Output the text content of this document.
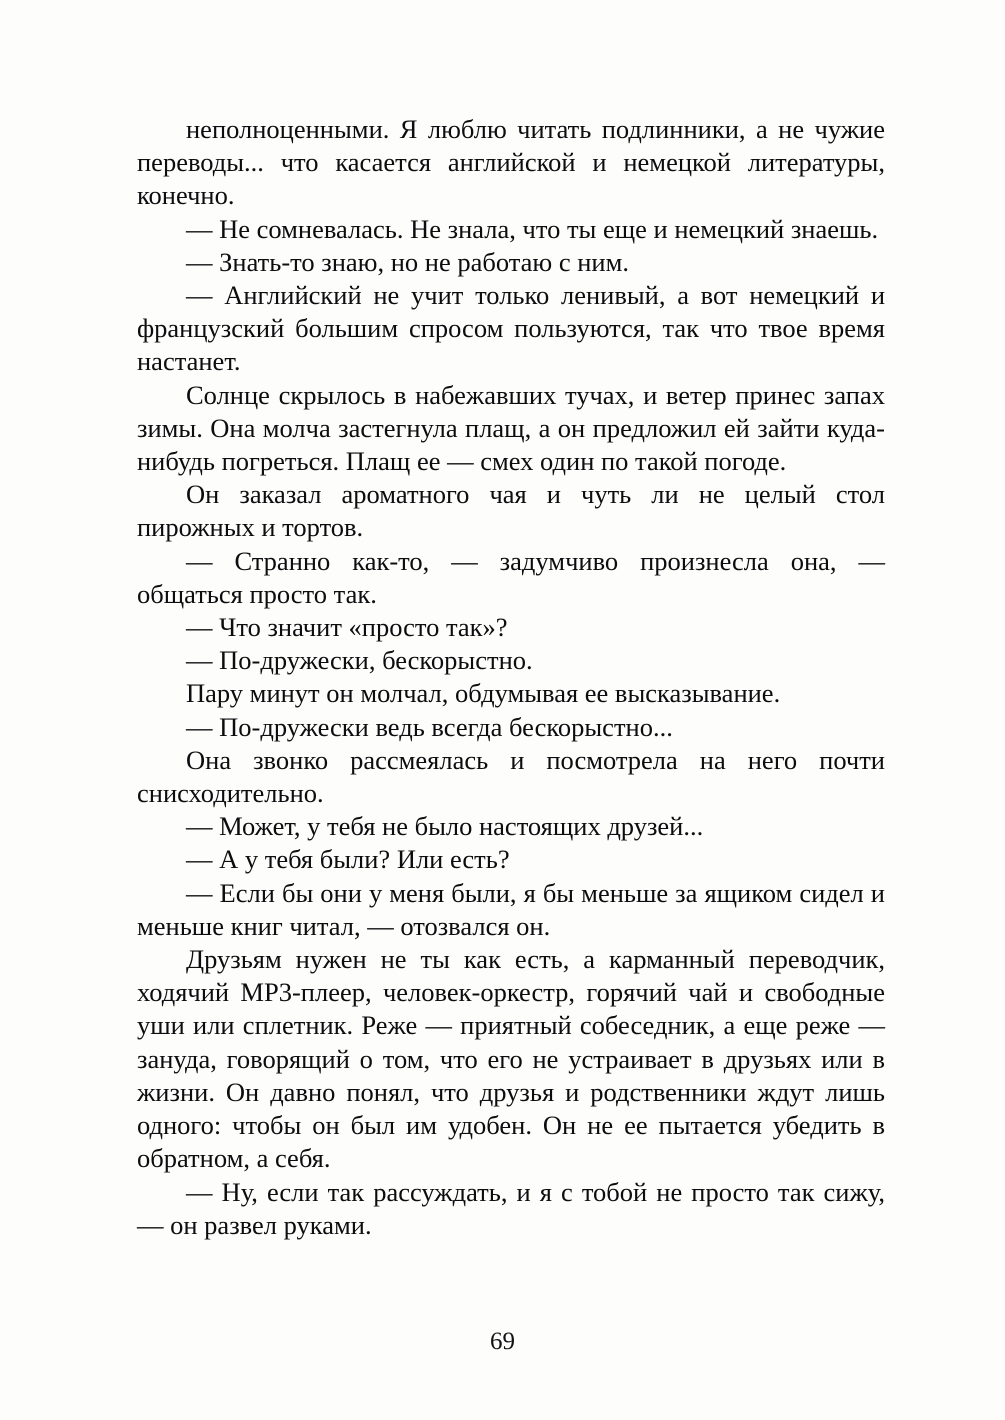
неполноценными. Я люблю читать подлинники, а не чужие переводы... что касается английской и немецкой литературы, конечно.

— Не сомневалась. Не знала, что ты еще и немецкий знаешь.

— Знать-то знаю, но не работаю с ним.

— Английский не учит только ленивый, а вот немецкий и французский большим спросом пользуются, так что твое время настанет.

Солнце скрылось в набежавших тучах, и ветер принес запах зимы. Она молча застегнула плащ, а он предложил ей зайти куда-нибудь погреться. Плащ ее — смех один по такой погоде.

Он заказал ароматного чая и чуть ли не целый стол пирожных и тортов.

— Странно как-то, — задумчиво произнесла она, — общаться просто так.

— Что значит «просто так»?

— По-дружески, бескорыстно.

Пару минут он молчал, обдумывая ее высказывание.

— По-дружески ведь всегда бескорыстно...

Она звонко рассмеялась и посмотрела на него почти снисходительно.

— Может, у тебя не было настоящих друзей...

— А у тебя были? Или есть?

— Если бы они у меня были, я бы меньше за ящиком сидел и меньше книг читал, — отозвался он.

Друзьям нужен не ты как есть, а карманный переводчик, ходячий MP3-плеер, человек-оркестр, горячий чай и свободные уши или сплетник. Реже — приятный собеседник, а еще реже — зануда, говорящий о том, что его не устраивает в друзьях или в жизни. Он давно понял, что друзья и родственники ждут лишь одного: чтобы он был им удобен. Он не ее пытается убедить в обратном, а себя.

— Ну, если так рассуждать, и я с тобой не просто так сижу, — он развел руками.

69
